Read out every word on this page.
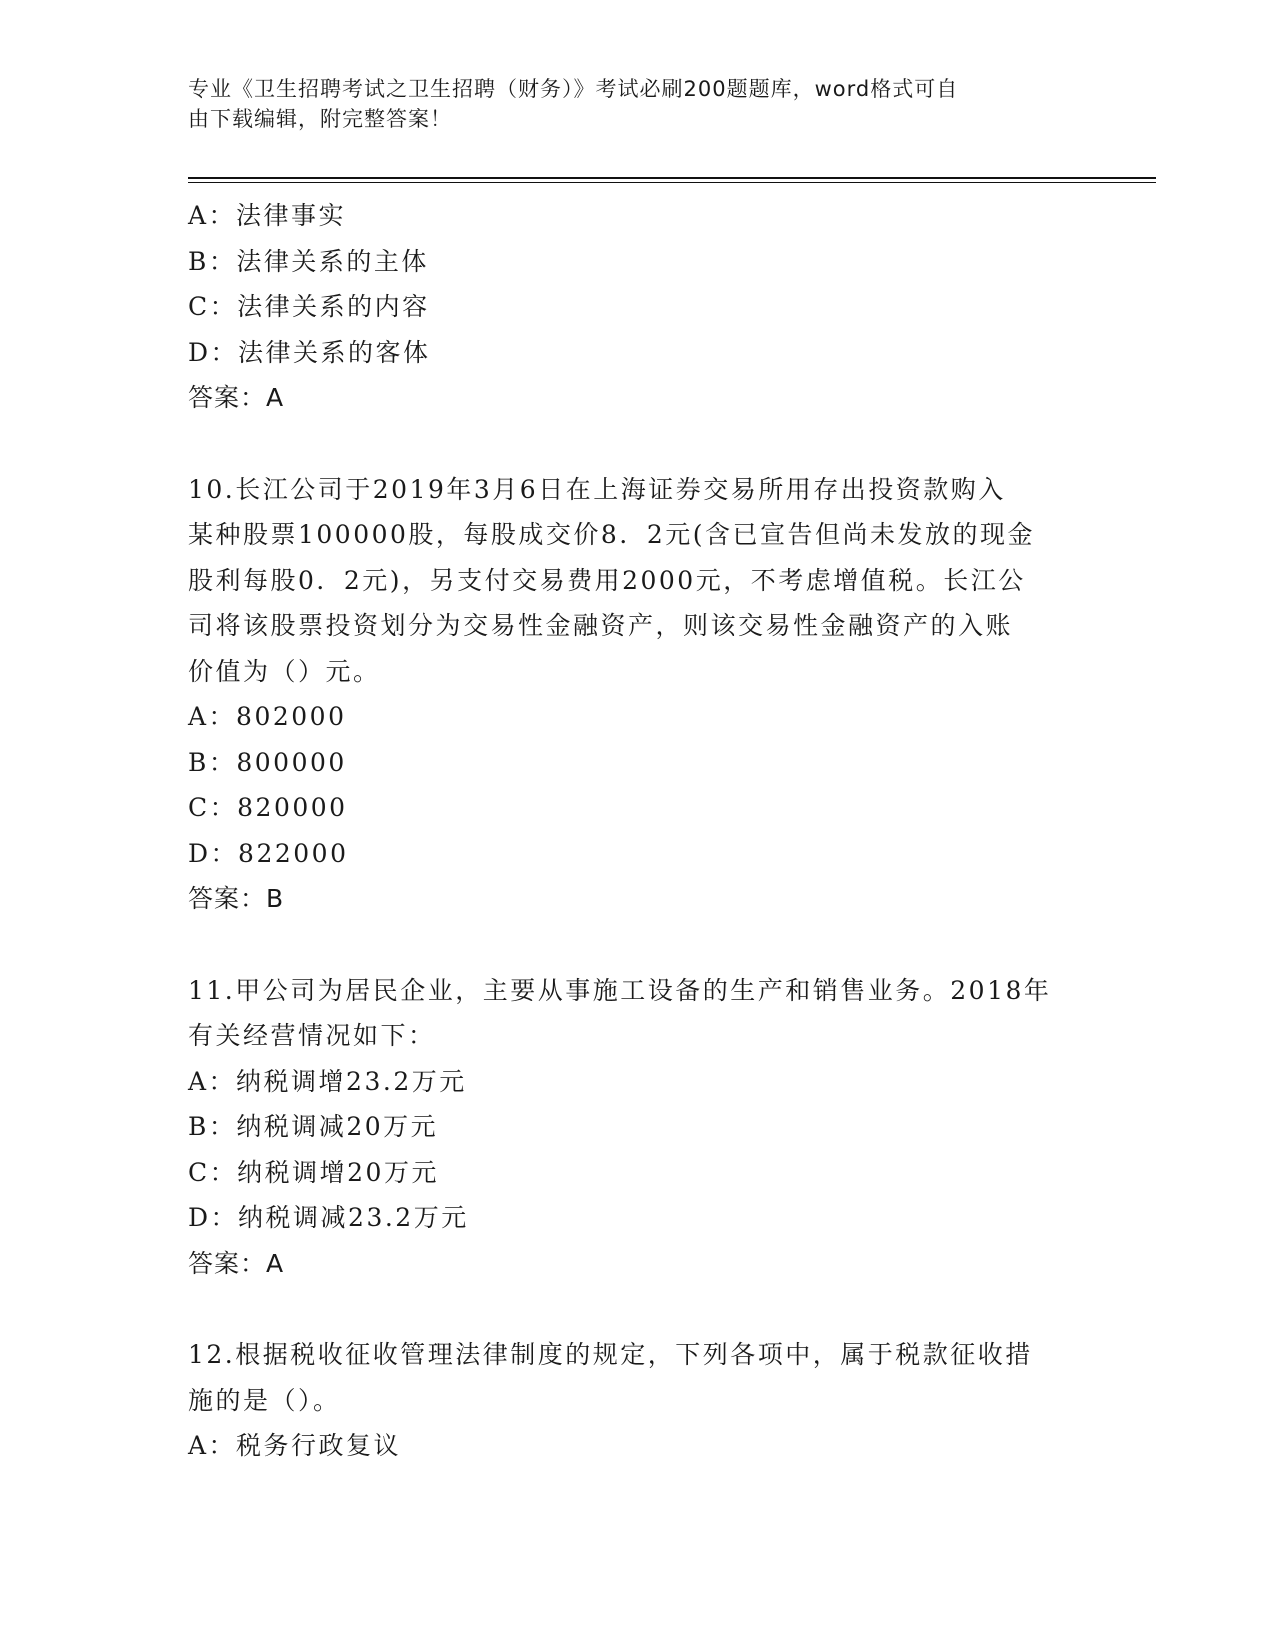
专业《卫生招聘考试之卫生招聘（财务）》考试必刷200题题库，word格式可自
由下载编辑，附完整答案！
A：法律事实
B：法律关系的主体
C：法律关系的内容
D：法律关系的客体
答案：A
10.长江公司于2019年3月6日在上海证券交易所用存出投资款购入
某种股票100000股，每股成交价8．2元(含已宣告但尚未发放的现金
股利每股0．2元)，另支付交易费用2000元，不考虑增值税。长江公
司将该股票投资划分为交易性金融资产，则该交易性金融资产的入账
价值为（）元。
A：802000
B：800000
C：820000
D：822000
答案：B
11.甲公司为居民企业，主要从事施工设备的生产和销售业务。2018年
有关经营情况如下：
A：纳税调增23.2万元
B：纳税调减20万元
C：纳税调增20万元
D：纳税调减23.2万元
答案：A
12.根据税收征收管理法律制度的规定，下列各项中，属于税款征收措
施的是（）。
A：税务行政复议
